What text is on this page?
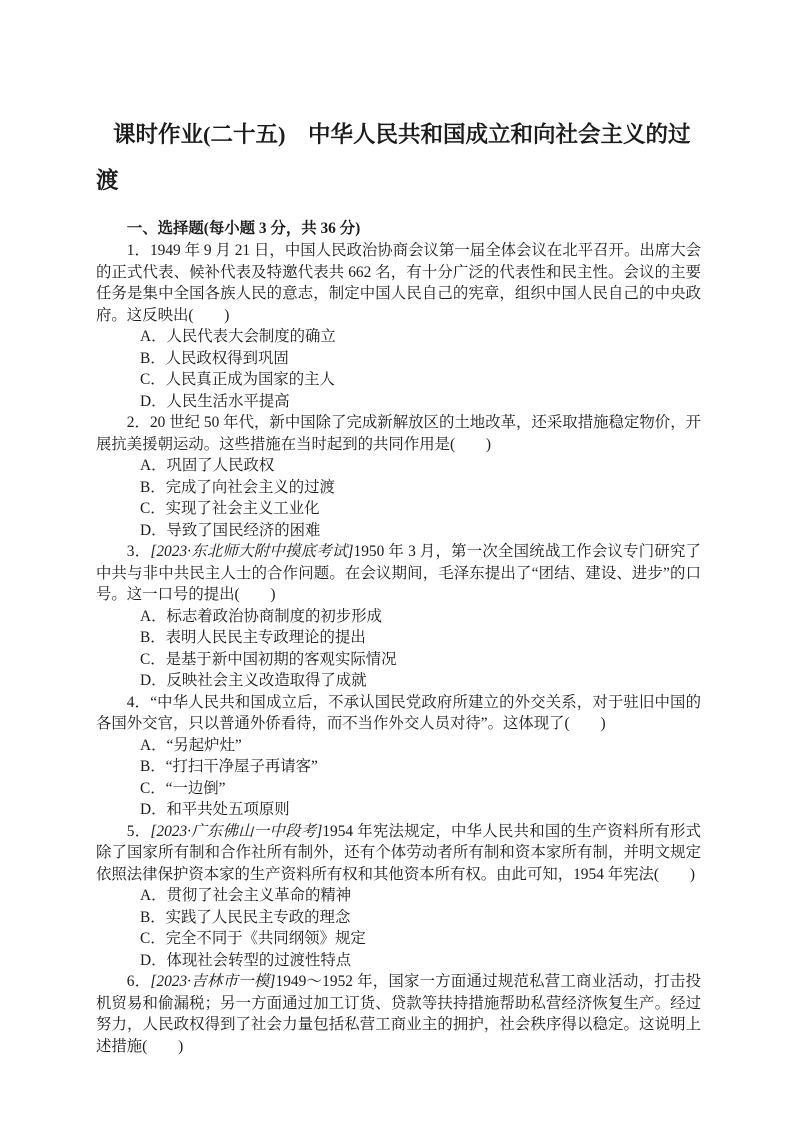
课时作业(二十五)　中华人民共和国成立和向社会主义的过渡

一、选择题(每小题 3 分，共 36 分)

1．1949 年 9 月 21 日，中国人民政治协商会议第一届全体会议在北平召开。出席大会的正式代表、候补代表及特邀代表共 662 名，有十分广泛的代表性和民主性。会议的主要任务是集中全国各族人民的意志，制定中国人民自己的宪章，组织中国人民自己的中央政府。这反映出(　　)

A．人民代表大会制度的确立

B．人民政权得到巩固

C．人民真正成为国家的主人

D．人民生活水平提高

2．20 世纪 50 年代，新中国除了完成新解放区的土地改革，还采取措施稳定物价，开展抗美援朝运动。这些措施在当时起到的共同作用是(　　)

A．巩固了人民政权

B．完成了向社会主义的过渡

C．实现了社会主义工业化

D．导致了国民经济的困难

3．[2023·东北师大附中摸底考试]1950 年 3 月，第一次全国统战工作会议专门研究了中共与非中共民主人士的合作问题。在会议期间，毛泽东提出了“团结、建设、进步”的口号。这一口号的提出(　　)

A．标志着政治协商制度的初步形成

B．表明人民民主专政理论的提出

C．是基于新中国初期的客观实际情况

D．反映社会主义改造取得了成就

4．“中华人民共和国成立后，不承认国民党政府所建立的外交关系，对于驻旧中国的各国外交官，只以普通外侨看待，而不当作外交人员对待”。这体现了(　　)

A．“另起炉灶”

B．“打扫干净屋子再请客”

C．“一边倒”

D．和平共处五项原则

5．[2023·广东佛山一中段考]1954 年宪法规定，中华人民共和国的生产资料所有形式除了国家所有制和合作社所有制外，还有个体劳动者所有制和资本家所有制，并明文规定依照法律保护资本家的生产资料所有权和其他资本所有权。由此可知，1954 年宪法(　　)

A．贯彻了社会主义革命的精神

B．实践了人民民主专政的理念

C．完全不同于《共同纲领》规定

D．体现社会转型的过渡性特点

6．[2023·吉林市一模]1949～1952 年，国家一方面通过规范私营工商业活动，打击投机贸易和偷漏税；另一方面通过加工订货、贷款等扶持措施帮助私营经济恢复生产。经过努力，人民政权得到了社会力量包括私营工商业主的拥护，社会秩序得以稳定。这说明上述措施(　　)
